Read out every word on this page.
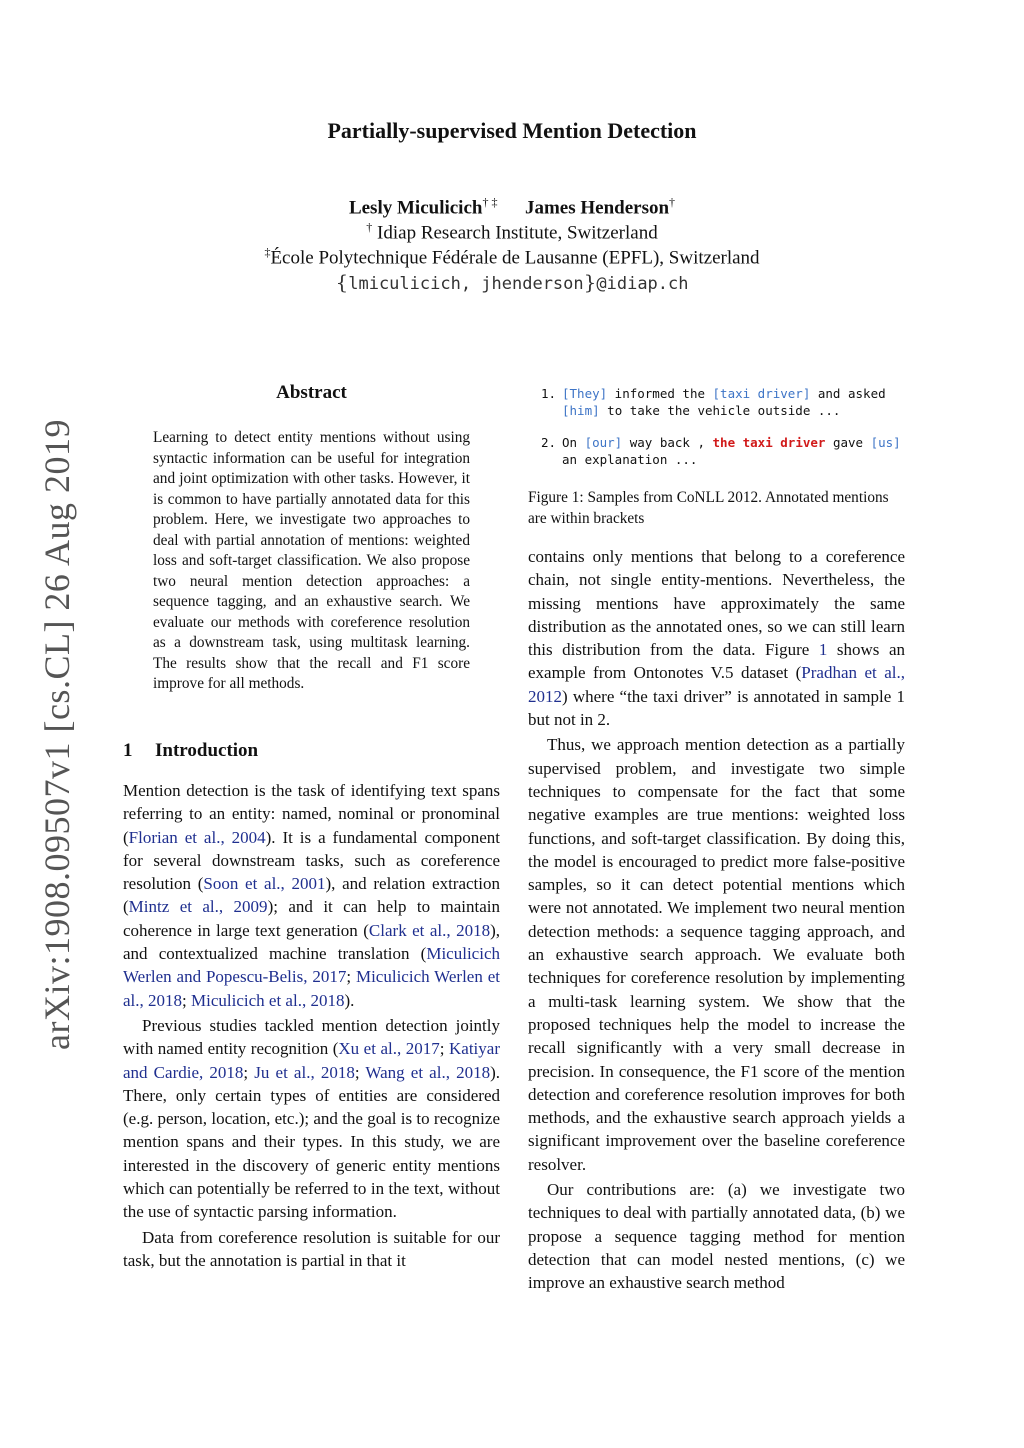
arXiv:1908.09507v1 [cs.CL] 26 Aug 2019
Partially-supervised Mention Detection
Lesly Miculicich† ‡ James Henderson†
† Idiap Research Institute, Switzerland
‡École Polytechnique Fédérale de Lausanne (EPFL), Switzerland
{lmiculicich, jhenderson}@idiap.ch
Abstract
Learning to detect entity mentions without using syntactic information can be useful for integration and joint optimization with other tasks. However, it is common to have partially annotated data for this problem. Here, we investigate two approaches to deal with partial annotation of mentions: weighted loss and soft-target classification. We also propose two neural mention detection approaches: a sequence tagging, and an exhaustive search. We evaluate our methods with coreference resolution as a downstream task, using multitask learning. The results show that the recall and F1 score improve for all methods.
1 Introduction

Mention detection is the task of identifying text spans referring to an entity: named, nominal or pronominal (Florian et al., 2004). It is a fundamental component for several downstream tasks, such as coreference resolution (Soon et al., 2001), and relation extraction (Mintz et al., 2009); and it can help to maintain coherence in large text generation (Clark et al., 2018), and contextualized machine translation (Miculicich Werlen and Popescu-Belis, 2017; Miculicich Werlen et al., 2018; Miculicich et al., 2018).

Previous studies tackled mention detection jointly with named entity recognition (Xu et al., 2017; Katiyar and Cardie, 2018; Ju et al., 2018; Wang et al., 2018). There, only certain types of entities are considered (e.g. person, location, etc.); and the goal is to recognize mention spans and their types. In this study, we are interested in the discovery of generic entity mentions which can potentially be referred to in the text, without the use of syntactic parsing information.

Data from coreference resolution is suitable for our task, but the annotation is partial in that it

1. [They] informed the [taxi driver] and asked [him] to take the vehicle outside ...
2. On [our] way back , the taxi driver gave [us] an explanation ...
Figure 1: Samples from CoNLL 2012. Annotated mentions are within brackets

contains only mentions that belong to a coreference chain, not single entity-mentions. Nevertheless, the missing mentions have approximately the same distribution as the annotated ones, so we can still learn this distribution from the data. Figure 1 shows an example from Ontonotes V.5 dataset (Pradhan et al., 2012) where “the taxi driver” is annotated in sample 1 but not in 2.

Thus, we approach mention detection as a partially supervised problem, and investigate two simple techniques to compensate for the fact that some negative examples are true mentions: weighted loss functions, and soft-target classification. By doing this, the model is encouraged to predict more false-positive samples, so it can detect potential mentions which were not annotated. We implement two neural mention detection methods: a sequence tagging approach, and an exhaustive search approach. We evaluate both techniques for coreference resolution by implementing a multi-task learning system. We show that the proposed techniques help the model to increase the recall significantly with a very small decrease in precision. In consequence, the F1 score of the mention detection and coreference resolution improves for both methods, and the exhaustive search approach yields a significant improvement over the baseline coreference resolver.

Our contributions are: (a) we investigate two techniques to deal with partially annotated data, (b) we propose a sequence tagging method for mention detection that can model nested mentions, (c) we improve an exhaustive search method
